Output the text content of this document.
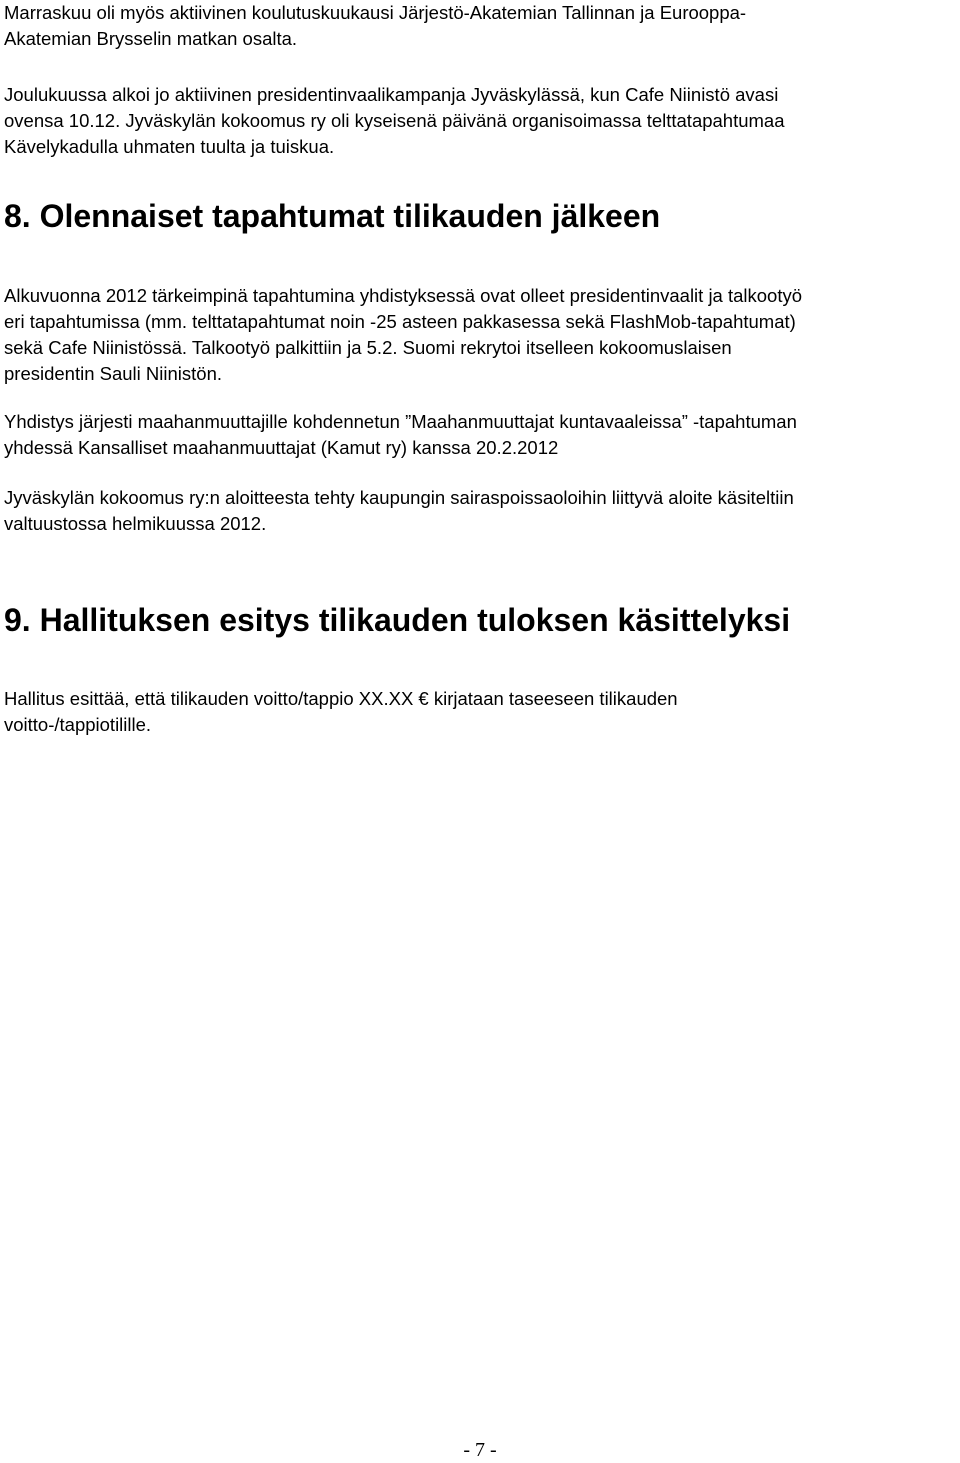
Marraskuu oli myös aktiivinen koulutuskuukausi Järjestö-Akatemian Tallinnan ja Eurooppa-
Akatemian Brysselin matkan osalta.

Joulukuussa alkoi jo aktiivinen presidentinvaalikampanja Jyväskylässä, kun Cafe Niinistö avasi
ovensa 10.12. Jyväskylän kokoomus ry oli kyseisenä päivänä organisoimassa telttatapahtumaa
Kävelykadulla uhmaten tuulta ja tuiskua.

8. Olennaiset tapahtumat tilikauden jälkeen

Alkuvuonna 2012 tärkeimpinä tapahtumina yhdistyksessä ovat olleet presidentinvaalit ja talkootyö
eri tapahtumissa (mm. telttatapahtumat noin -25 asteen pakkasessa sekä FlashMob-tapahtumat)
sekä Cafe Niinistössä. Talkootyö palkittiin ja 5.2. Suomi rekrytoi itselleen kokoomuslaisen
presidentin Sauli Niinistön.

Yhdistys järjesti maahanmuuttajille kohdennetun ”Maahanmuuttajat kuntavaaleissa” -tapahtuman
yhdessä Kansalliset maahanmuuttajat (Kamut ry) kanssa 20.2.2012

Jyväskylän kokoomus ry:n aloitteesta tehty kaupungin sairaspoissaoloihin liittyvä aloite käsiteltiin
valtuustossa helmikuussa 2012.

9. Hallituksen esitys tilikauden tuloksen käsittelyksi

Hallitus esittää, että tilikauden voitto/tappio XX.XX € kirjataan taseeseen tilikauden
voitto-/tappiotilille.

- 7 -
